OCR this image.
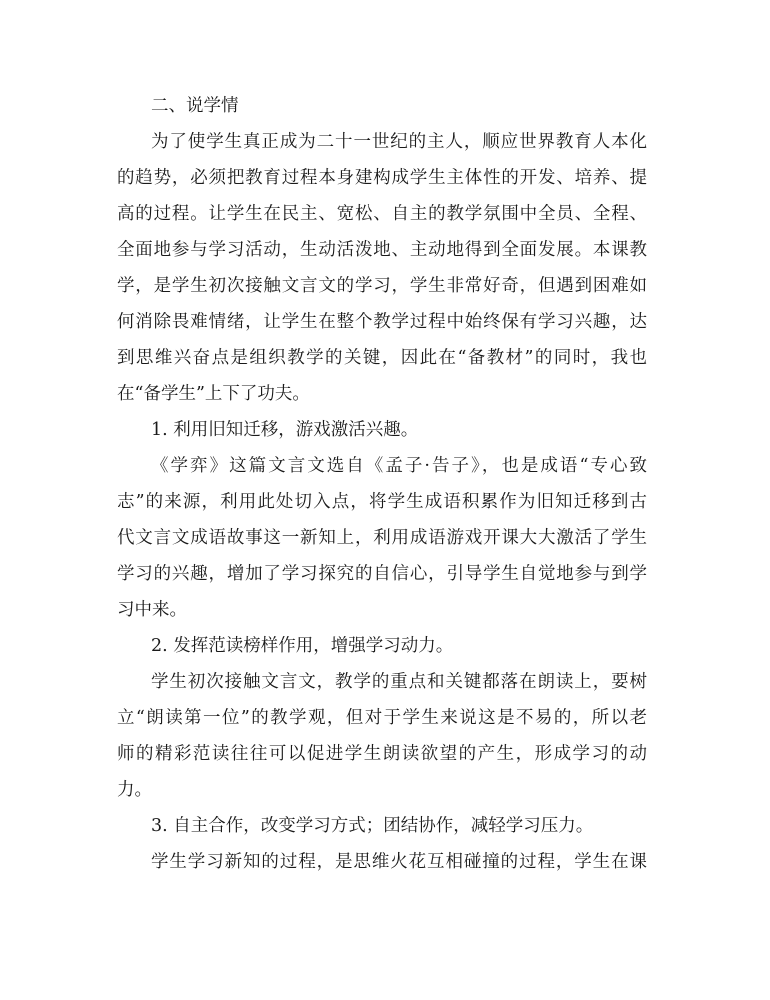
二、说学情

为了使学生真正成为二十一世纪的主人，顺应世界教育人本化

的趋势，必须把教育过程本身建构成学生主体性的开发、培养、提

高的过程。让学生在民主、宽松、自主的教学氛围中全员、全程、

全面地参与学习活动，生动活泼地、主动地得到全面发展。本课教

学，是学生初次接触文言文的学习，学生非常好奇，但遇到困难如

何消除畏难情绪，让学生在整个教学过程中始终保有学习兴趣，达

到思维兴奋点是组织教学的关键，因此在“备教材”的同时，我也

在“备学生”上下了功夫。

1. 利用旧知迁移，游戏激活兴趣。

《学弈》这篇文言文选自《孟子·告子》，也是成语“专心致

志”的来源，利用此处切入点，将学生成语积累作为旧知迁移到古

代文言文成语故事这一新知上，利用成语游戏开课大大激活了学生

学习的兴趣，增加了学习探究的自信心，引导学生自觉地参与到学

习中来。

2. 发挥范读榜样作用，增强学习动力。

学生初次接触文言文，教学的重点和关键都落在朗读上，要树

立“朗读第一位”的教学观，但对于学生来说这是不易的，所以老

师的精彩范读往往可以促进学生朗读欲望的产生，形成学习的动

力。

3. 自主合作，改变学习方式；团结协作，减轻学习压力。

学生学习新知的过程，是思维火花互相碰撞的过程，学生在课
